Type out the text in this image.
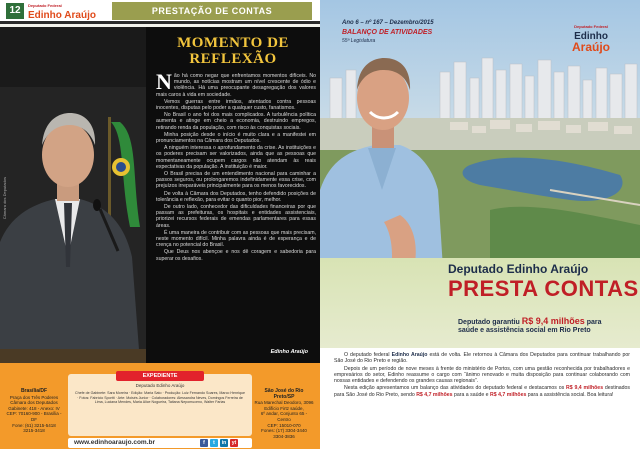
12	Deputado Federal
Edinho Araújo	PRESTAÇÃO DE CONTAS
Câmara dos Deputados
MOMENTO DE
REFLEXÃO

Não há como negar que enfrentamos momentos difíceis. No mundo, as notícias mostram um nível crescente de ódio e violência. Há uma preocupante desagregação dos valores mais caros à vida em sociedade.

Vemos guerras entre irmãos, atentados contra pessoas inocentes, disputas pelo poder a qualquer custo, fanatismos.

No Brasil o ano foi dos mais complicados. A turbulência política aumenta e atinge em cheio a economia, destruindo empregos, retirando renda da população, com risco às conquistas sociais.

Minha posição desde o início é muito clara e a manifestei em pronunciamentos na Câmara dos Deputados.

A ninguém interessa o aprofundamento da crise. As instituições e os poderes precisam ser valorizados, ainda que as pessoas que momentaneamente ocupem cargos não atendam às reais expectativas da população. A instituição é maior.

O Brasil precisa de um entendimento nacional para caminhar a passos seguros, ou prolongaremos indefinidamente essa crise, com prejuízos irreparáveis principalmente para os menos favorecidos.

De volta à Câmara dos Deputados, tenho defendido posições de tolerância e reflexão, para evitar o quanto pior, melhor.

De outro lado, conhecedor das dificuldades financeiras por que passam as prefeituras, os hospitais e entidades assistenciais, priorizei recursos federais de emendas parlamentares para essas áreas.

É uma maneira de contribuir com as pessoas que mais precisam, neste momento difícil. Minha palavra ainda é de esperança e de crença no potencial do Brasil.

Que Deus nos abençoe e nos dê coragem e sabedoria para superar os desafios.

Edinho Araújo
Brasília/DF
Praça dos Três Poderes
Câmara dos Deputados
Gabinete: 418 - Anexo: IV
CEP: 70160-900 - Brasília - DF
Fone: (61) 3215-5418
3215-3418
EXPEDIENTE
Deputado Edinho Araújo
Chefe de Gabinete: Sara Moreira · Edição: Maria Sato · Produção: Luiz Fernando Soares, Marco Henrique · Fotos: Fabrício Sportti · Arte: Moisés Junior · Colaboradores: Alessandra Neves, Domingos Ferreira de Lima, Luciana Mendes, Maria Alice Nogueira, Tatiana Nepomuceno, Walter Farias
São José do Rio Preto/SP
Rua Marechal Deodoro, 3096
Edifício Firtz saúde,
6º andar, Conjunto 65 - Centro
CEP: 15010-070
Fones: (17) 3304-3440
3304-3836
www.edinhoaraujo.com.br	f	t	in	yt
Ano 6 – nº 167 – Dezembro/2015
BALANÇO DE ATIVIDADES
55ª Legislatura
Deputado Federal
Edinho
Araújo
Deputado Edinho Araújo
PRESTA CONTAS
Deputado garantiu R$ 9,4 milhões para
saúde e assistência social em Rio Preto

O deputado federal Edinho Araújo está de volta. Ele retornou à Câmara dos Deputados para continuar trabalhando por São José do Rio Preto e região.

Depois de um período de nove meses à frente do ministério de Portos, com uma gestão reconhecida por trabalhadores e empresários do setor, Edinho reassume o cargo com “ânimo renovado e muita disposição para continuar colaborando com nossas entidades e defendendo os grandes causas regionais”.

Nesta edição apresentamos um balanço das atividades do deputado federal e destacamos os R$ 9,4 milhões destinados para São José do Rio Preto, sendo R$ 4,7 milhões para a saúde e R$ 4,7 milhões para a assistência social. Boa leitura!
